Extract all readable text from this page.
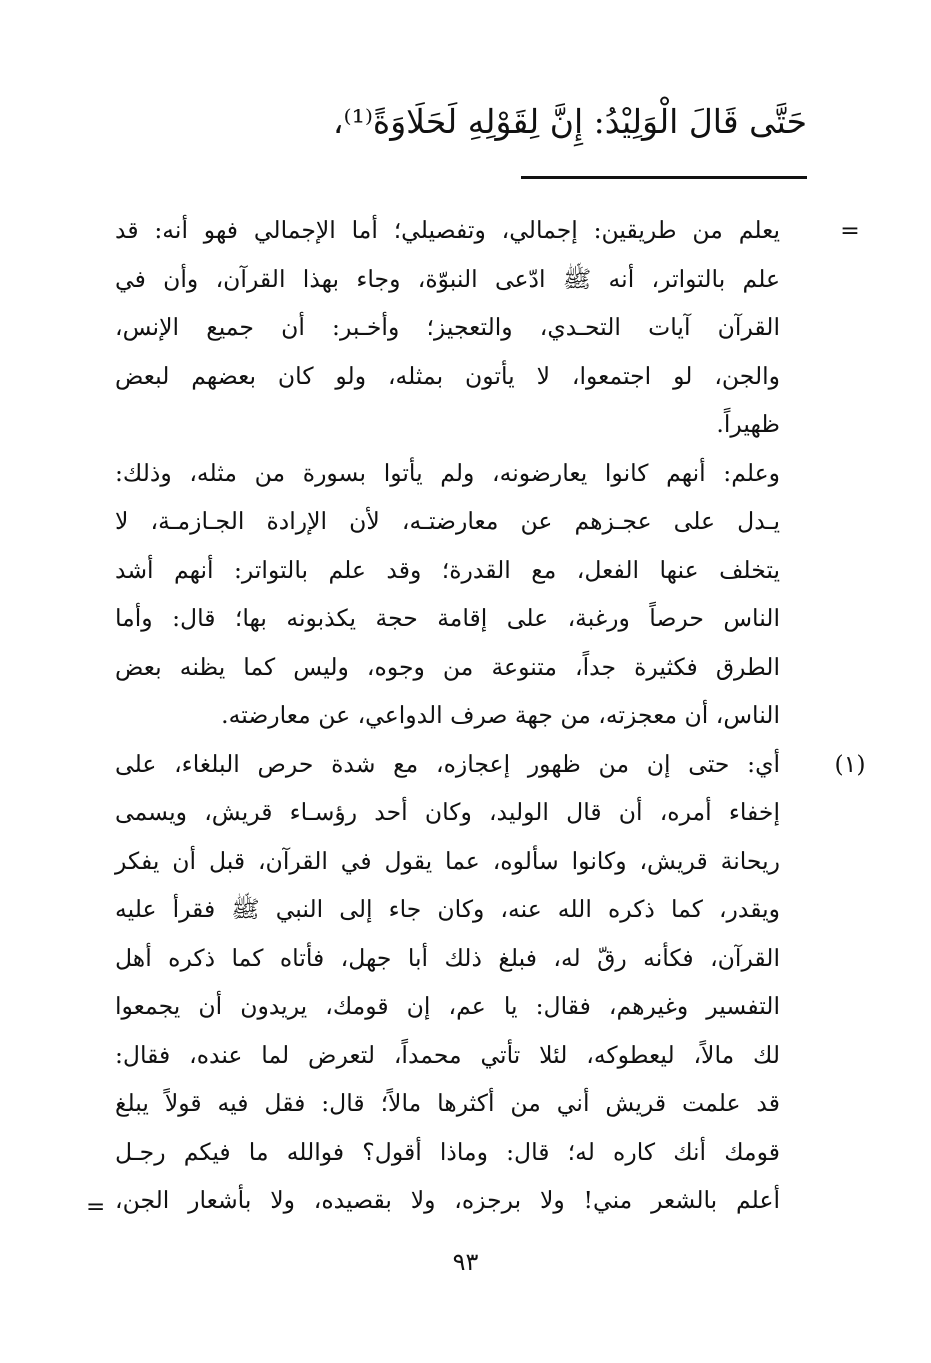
حَتَّى قَالَ الْوَلِيْدُ: إِنَّ لِقَوْلِهِ لَحَلَاوَةً⁽¹⁾،
=
يعلم من طريقين: إجمالي، وتفصيلي؛ أما الإجمالي فهو أنه: قد
علم بالتواتر، أنه ﷺ ادّعى النبوّة، وجاء بهذا القرآن، وأن في
القرآن آيات التحـدي، والتعجيز؛ وأخـبر: أن جميع الإنس،
والجن، لو اجتمعوا، لا يأتون بمثله، ولو كان بعضهم لبعض
ظهيراً.
وعلم: أنهم كانوا يعارضونه، ولم يأتوا بسورة من مثله، وذلك:
يـدل على عجـزهم عن معارضتـه، لأن الإرادة الجـازمـة، لا
يتخلف عنها الفعل، مع القدرة؛ وقد علم بالتواتر: أنهم أشد
الناس حرصاً ورغبة، على إقامة حجة يكذبونه بها؛ قال: وأما
الطرق فكثيرة جداً، متنوعة من وجوه، وليس كما يظنه بعض
الناس، أن معجزته، من جهة صرف الدواعي، عن معارضته.
(١)
أي: حتى إن من ظهور إعجازه، مع شدة حرص البلغاء، على
إخفاء أمره، أن قال الوليد، وكان أحد رؤسـاء قريش، ويسمى
ريحانة قريش، وكانوا سألوه، عما يقول في القرآن، قبل أن يفكر
ويقدر، كما ذكره الله عنه، وكان جاء إلى النبي ﷺ فقرأ عليه
القرآن، فكأنه رقّ له، فبلغ ذلك أبا جهل، فأتاه كما ذكره أهل
التفسير وغيرهم، فقال: يا عم، إن قومك، يريدون أن يجمعوا
لك مالاً، ليعطوكه، لئلا تأتي محمداً، لتعرض لما عنده، فقال:
قد علمت قريش أني من أكثرها مالاً؛ قال: فقل فيه قولاً يبلغ
قومك أنك كاره له؛ قال: وماذا أقول؟ فوالله ما فيكم رجـل
أعلم بالشعر مني! ولا برجزه، ولا بقصيده، ولا بأشعار الجن،
=
٩٣
